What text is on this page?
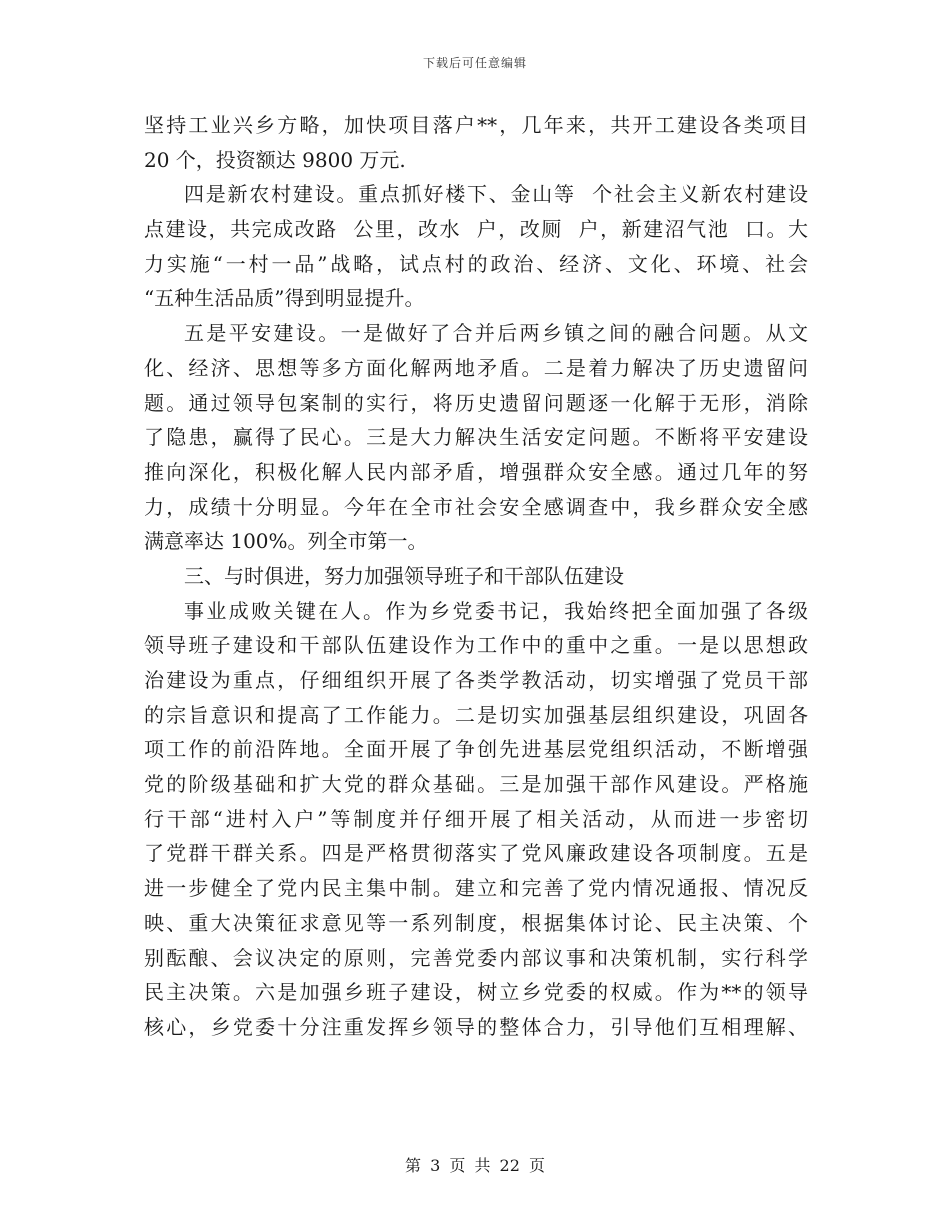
下载后可任意编辑
坚持工业兴乡方略，加快项目落户**，几年来，共开工建设各类项目
20 个，投资额达 9800 万元.
四是新农村建设。重点抓好楼下、金山等  个社会主义新农村建设
点建设，共完成改路  公里，改水  户，改厕  户，新建沼气池  口。大
力实施“一村一品”战略，试点村的政治、经济、文化、环境、社会
“五种生活品质”得到明显提升。
五是平安建设。一是做好了合并后两乡镇之间的融合问题。从文
化、经济、思想等多方面化解两地矛盾。二是着力解决了历史遗留问
题。通过领导包案制的实行，将历史遗留问题逐一化解于无形，消除
了隐患，赢得了民心。三是大力解决生活安定问题。不断将平安建设
推向深化，积极化解人民内部矛盾，增强群众安全感。通过几年的努
力，成绩十分明显。今年在全市社会安全感调查中，我乡群众安全感
满意率达 100%。列全市第一。
三、与时俱进，努力加强领导班子和干部队伍建设
事业成败关键在人。作为乡党委书记，我始终把全面加强了各级
领导班子建设和干部队伍建设作为工作中的重中之重。一是以思想政
治建设为重点，仔细组织开展了各类学教活动，切实增强了党员干部
的宗旨意识和提高了工作能力。二是切实加强基层组织建设，巩固各
项工作的前沿阵地。全面开展了争创先进基层党组织活动，不断增强
党的阶级基础和扩大党的群众基础。三是加强干部作风建设。严格施
行干部“进村入户”等制度并仔细开展了相关活动，从而进一步密切
了党群干群关系。四是严格贯彻落实了党风廉政建设各项制度。五是
进一步健全了党内民主集中制。建立和完善了党内情况通报、情况反
映、重大决策征求意见等一系列制度，根据集体讨论、民主决策、个
别酝酿、会议决定的原则，完善党委内部议事和决策机制，实行科学
民主决策。六是加强乡班子建设，树立乡党委的权威。作为**的领导
核心，乡党委十分注重发挥乡领导的整体合力，引导他们互相理解、
第 3 页 共 22 页
